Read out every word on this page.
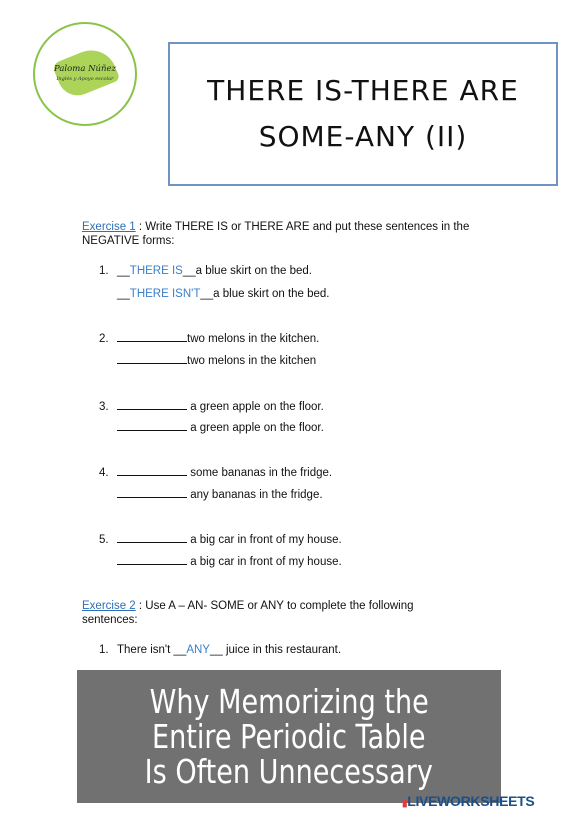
Paloma Núñez
Inglés y Apoyo escolar	THERE IS-THERE ARE
SOME-ANY (II)
Exercise 1 : Write THERE IS or THERE ARE and put these sentences in the
NEGATIVE forms:
1. __THERE IS__a blue skirt on the bed.
__THERE ISN'T__a blue skirt on the bed.
2.	two melons in the kitchen.
two melons in the kitchen
3.	a green apple on the floor.
a green apple on the floor.
4.	some bananas in the fridge.
any bananas in the fridge.
5.	a big car in front of my house.
a big car in front of my house.
Exercise 2 : Use A – AN- SOME or ANY to complete the following
sentences:
1. There isn't __ANY__ juice in this restaurant.
Why Memorizing the
Entire Periodic Table
Is Often Unnecessary
▮LIVEWORKSHEETS
